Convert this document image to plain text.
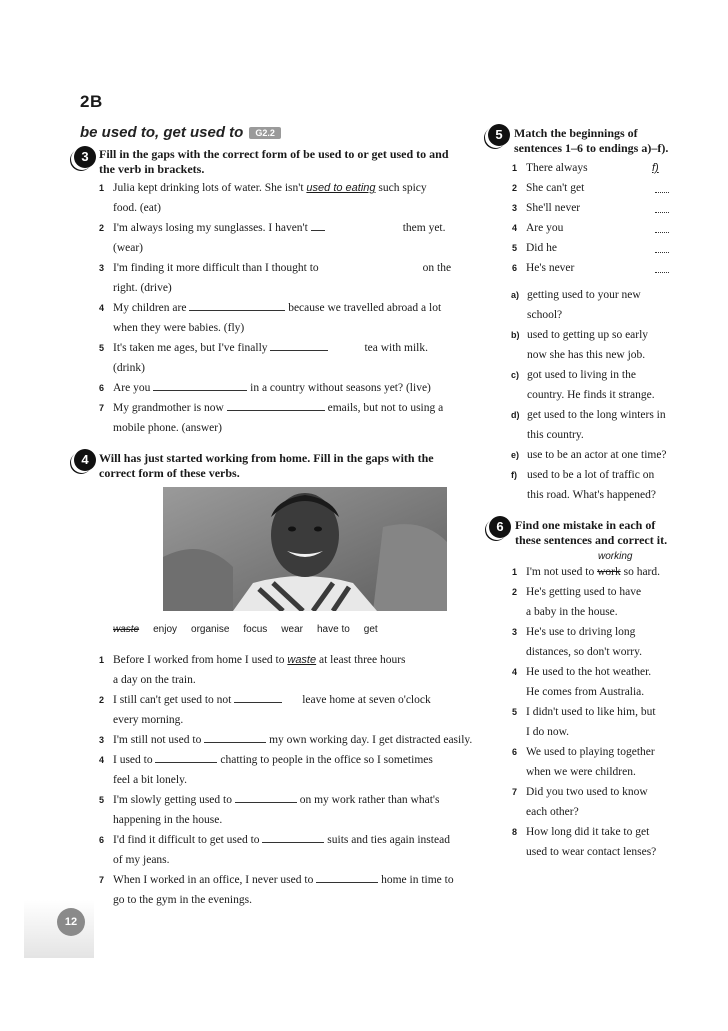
2B
be used to, get used to G2.2
3 Fill in the gaps with the correct form of be used to or get used to and
the verb in brackets.
1 Julia kept drinking lots of water. She isn't used to eating such spicy
food. (eat)
2 I'm always losing my sunglasses. I haven't	them yet.
(wear)
3 I'm finding it more difficult than I thought to	on the
right. (drive)
4 My children are	because we travelled abroad a lot
when they were babies. (fly)
5 It's taken me ages, but I've finally	tea with milk.
(drink)
6 Are you	in a country without seasons yet? (live)
7 My grandmother is now	emails, but not to using a
mobile phone. (answer)
4 Will has just started working from home. Fill in the gaps with the
correct form of these verbs.
waste enjoy organise focus wear have to get
1 Before I worked from home I used to waste at least three hours
a day on the train.
2 I still can't get used to not	leave home at seven o'clock
every morning.
3 I'm still not used to	my own working day. I get distracted easily.
4 I used to	chatting to people in the office so I sometimes
feel a bit lonely.
5 I'm slowly getting used to	on my work rather than what's
happening in the house.
6 I'd find it difficult to get used to	suits and ties again instead
of my jeans.
7 When I worked in an office, I never used to	home in time to
go to the gym in the evenings.
5 Match the beginnings of
sentences 1–6 to endings a)–f).
1 There always	f)
2 She can't get
3 She'll never
4 Are you
5 Did he
6 He's never
a) getting used to your new
school?
b) used to getting up so early
now she has this new job.
c) got used to living in the
country. He finds it strange.
d) get used to the long winters in
this country.
e) use to be an actor at one time?
f) used to be a lot of traffic on
this road. What's happened?
6 Find one mistake in each of
these sentences and correct it.
working
1 I'm not used to work so hard.
2 He's getting used to have
a baby in the house.
3 He's use to driving long
distances, so don't worry.
4 He used to the hot weather.
He comes from Australia.
5 I didn't used to like him, but
I do now.
6 We used to playing together
when we were children.
7 Did you two used to know
each other?
8 How long did it take to get
used to wear contact lenses?
12
